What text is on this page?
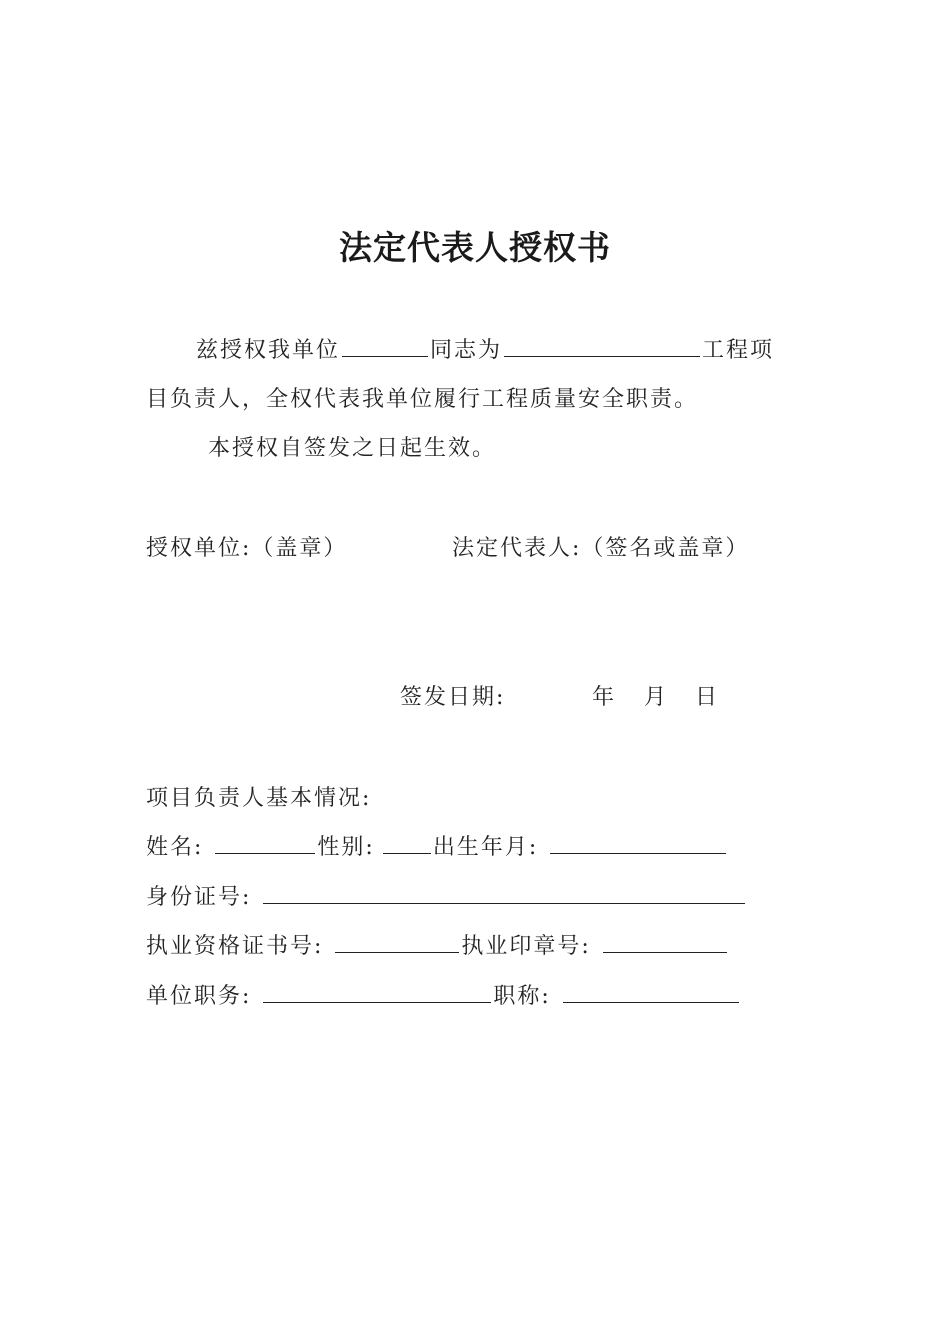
法定代表人授权书
兹授权我单位	同志为	工程项
目负责人，全权代表我单位履行工程质量安全职责。
本授权自签发之日起生效。
授权单位:（盖章）	法定代表人:（签名或盖章）
签发日期:	年 月 日
项目负责人基本情况:
姓名:	性别:	出生年月:
身份证号:
执业资格证书号:	执业印章号:
单位职务:	职称:
